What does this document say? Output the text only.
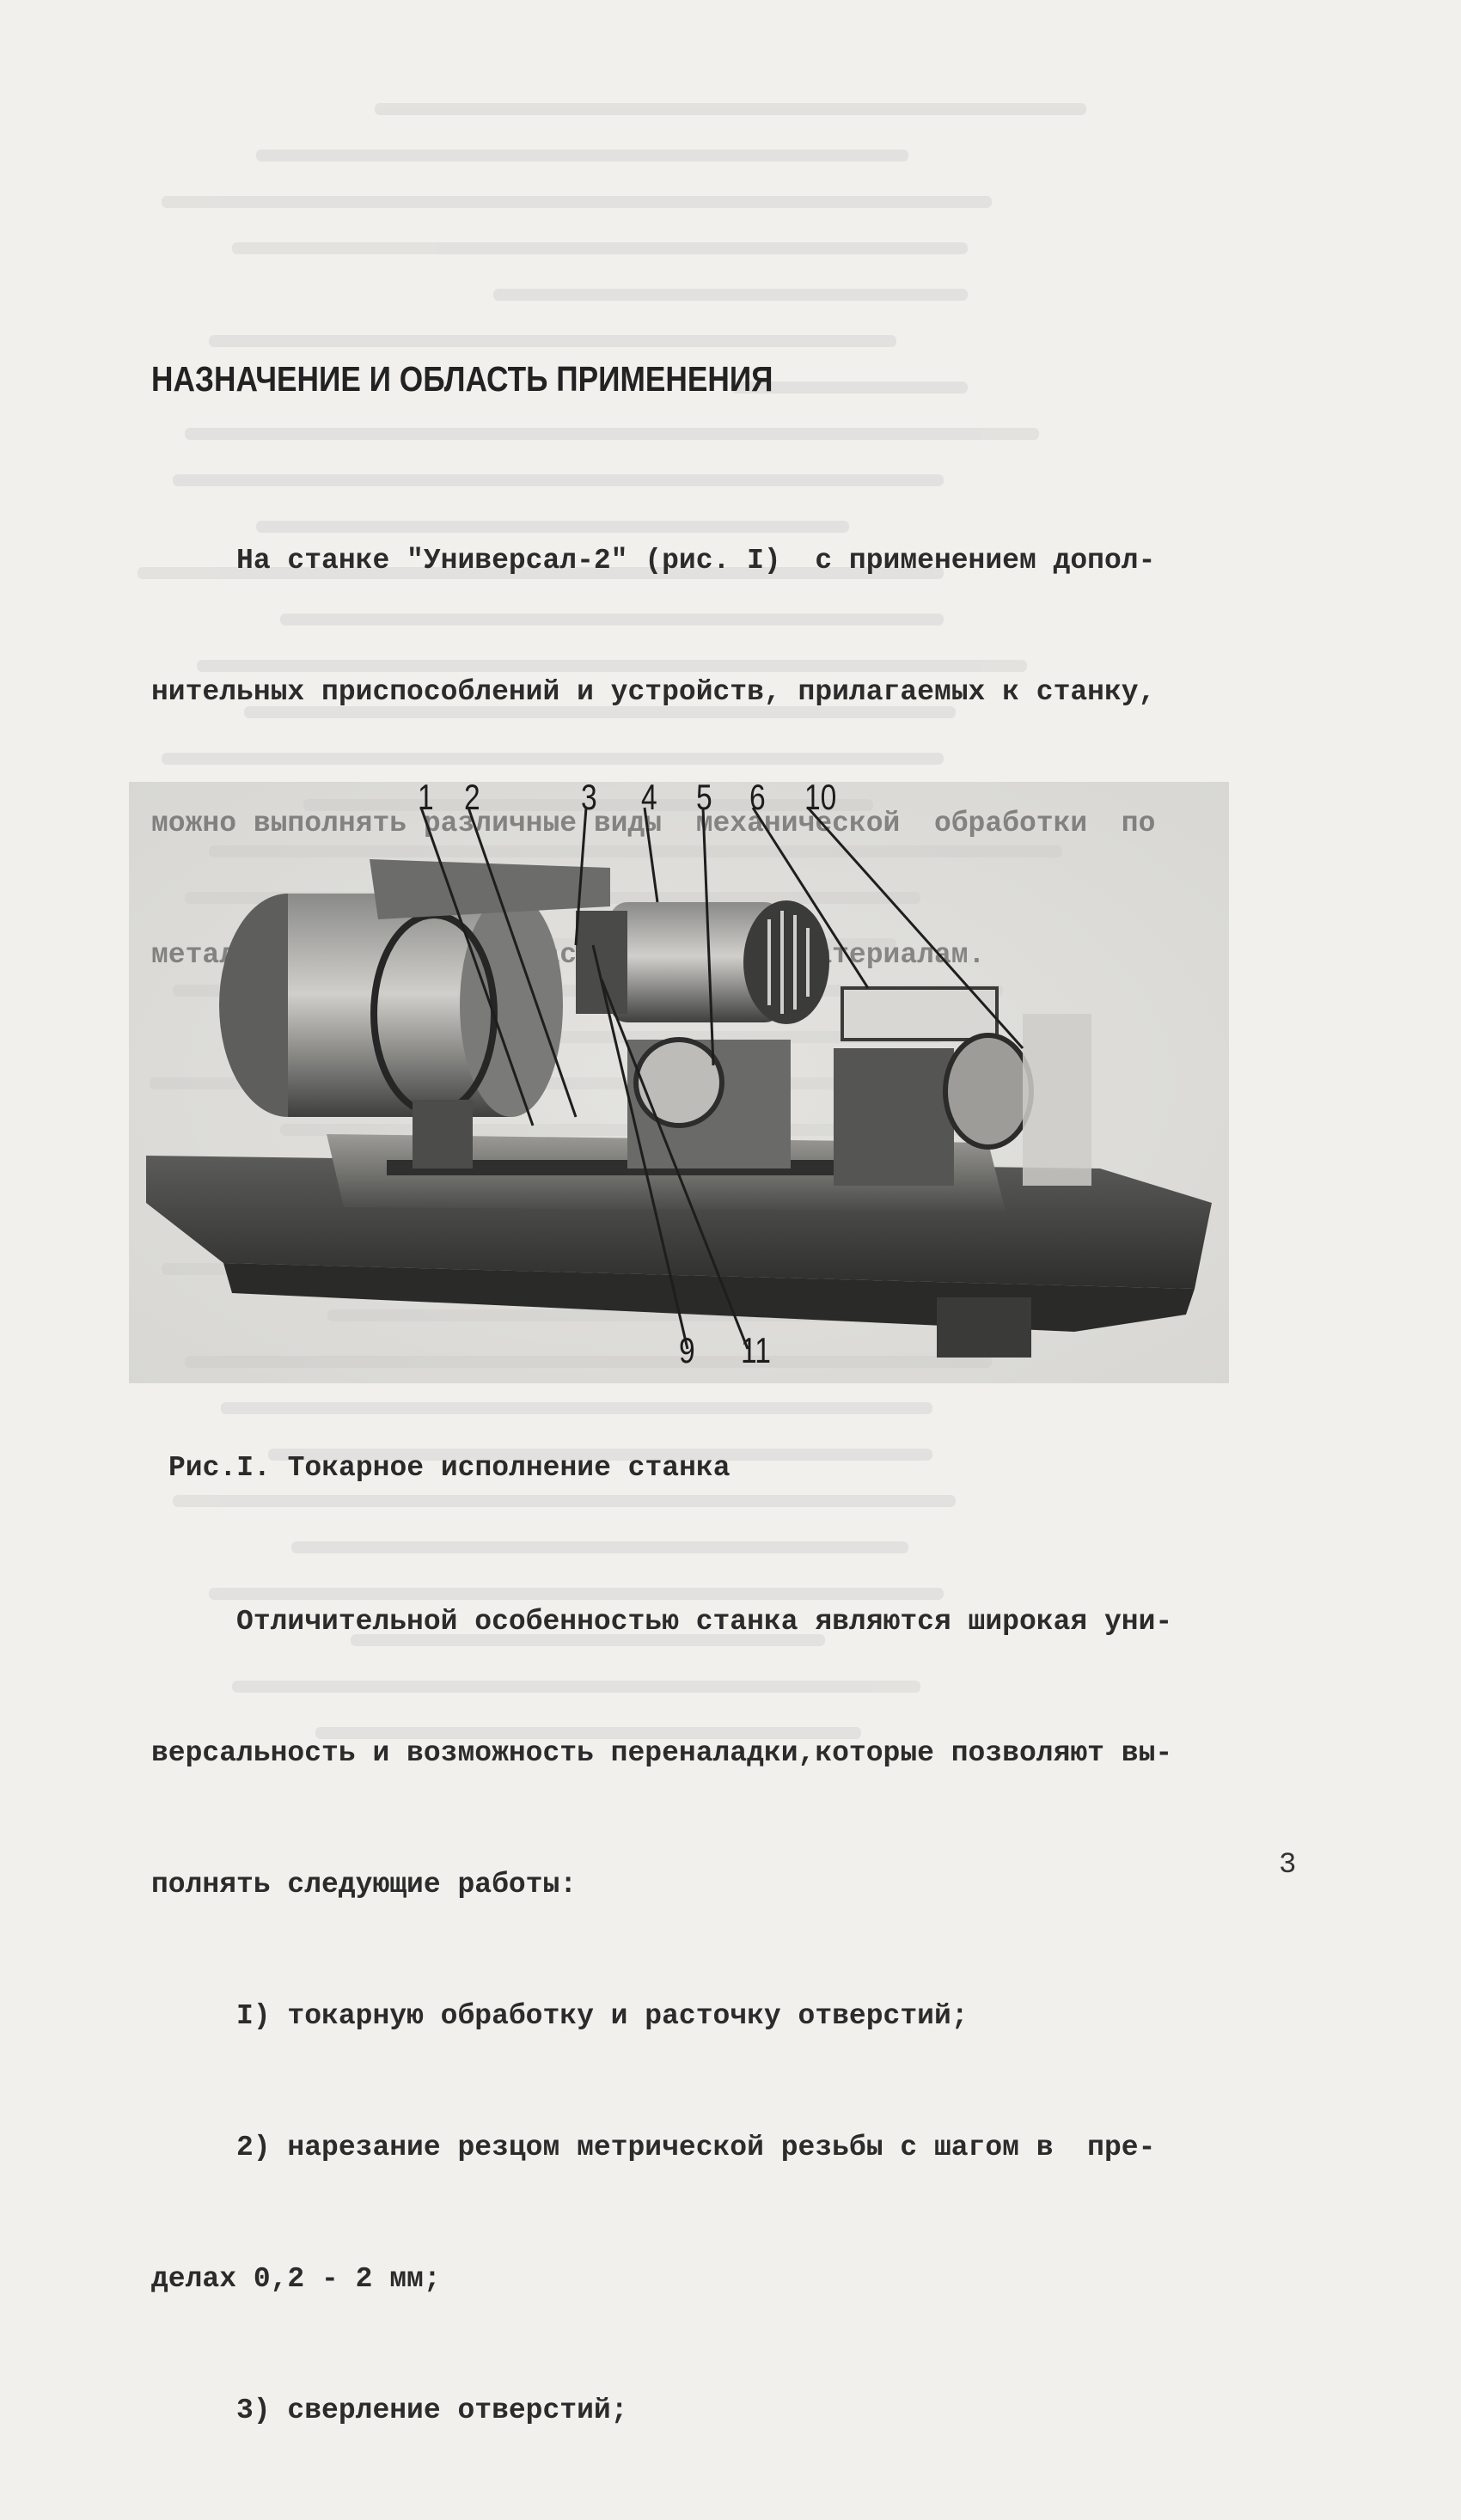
НАЗНАЧЕНИЕ И ОБЛАСТЬ ПРИМЕНЕНИЯ

На станке "Универсал-2" (рис. I)  с применением допол-

нительных приспособлений и устройств, прилагаемых к станку,

1 2	3 4 5 6 10
9 11
Рис.I. Токарное исполнение станка

Отличительной особенностью станка являются широкая уни-

версальность и возможность переналадки,которые позволяют вы-

полнять следующие работы:

I) токарную обработку и расточку отверстий;

2) нарезание резцом метрической резьбы с шагом в  пре-

делах 0,2 - 2 мм;

3) сверление отверстий;

3
